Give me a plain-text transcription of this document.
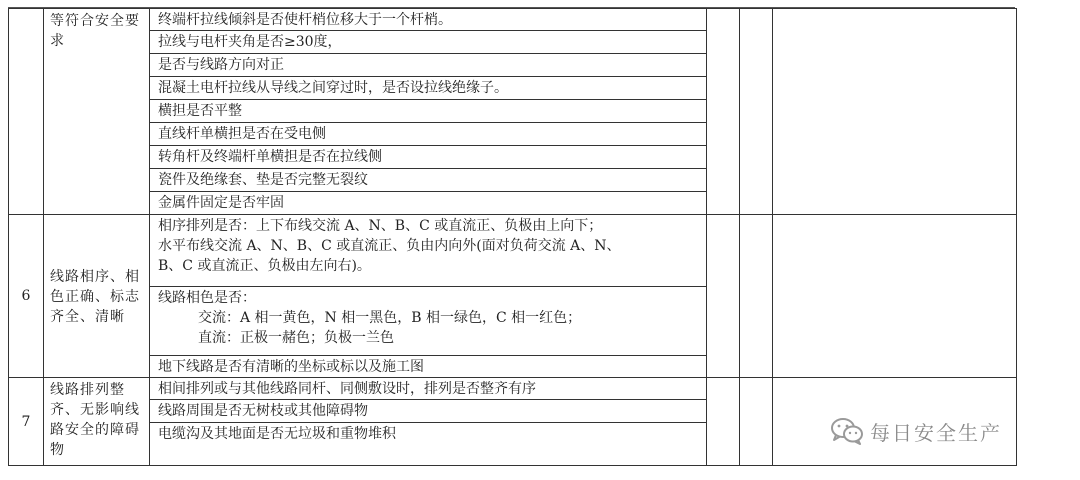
	等符合安全要求	终端杆拉线倾斜是否使杆梢位移大于一个杆梢。			
		拉线与电杆夹角是否≥30度，			
		是否与线路方向对正			
		混凝土电杆拉线从导线之间穿过时，是否设拉线绝缘子。			
		横担是否平整			
		直线杆单横担是否在受电侧			
		转角杆及终端杆单横担是否在拉线侧			
		瓷件及绝缘套、垫是否完整无裂纹			
		金属件固定是否牢固			
6	线路相序、相色正确、标志齐全、清晰	相序排列是否：上下布线交流 A、N、B、C 或直流正、负极由上向下；
水平布线交流 A、N、B、C 或直流正、负由内向外(面对负荷交流 A、N、
B、C 或直流正、负极由左向右)。			

		线路相色是否：
交流：A 相一黄色，N 相一黑色，B 相一绿色，C 相一红色；
直流：正极一赭色；负极一兰色			

		地下线路是否有清晰的坐标或标以及施工图			
7	线路排列整齐、无影响线路安全的障碍物	相间排列或与其他线路同杆、同侧敷设时，排列是否整齐有序			
		线路周围是否无树枝或其他障碍物			
		电缆沟及其地面是否无垃圾和重物堆积				每日安全生产
